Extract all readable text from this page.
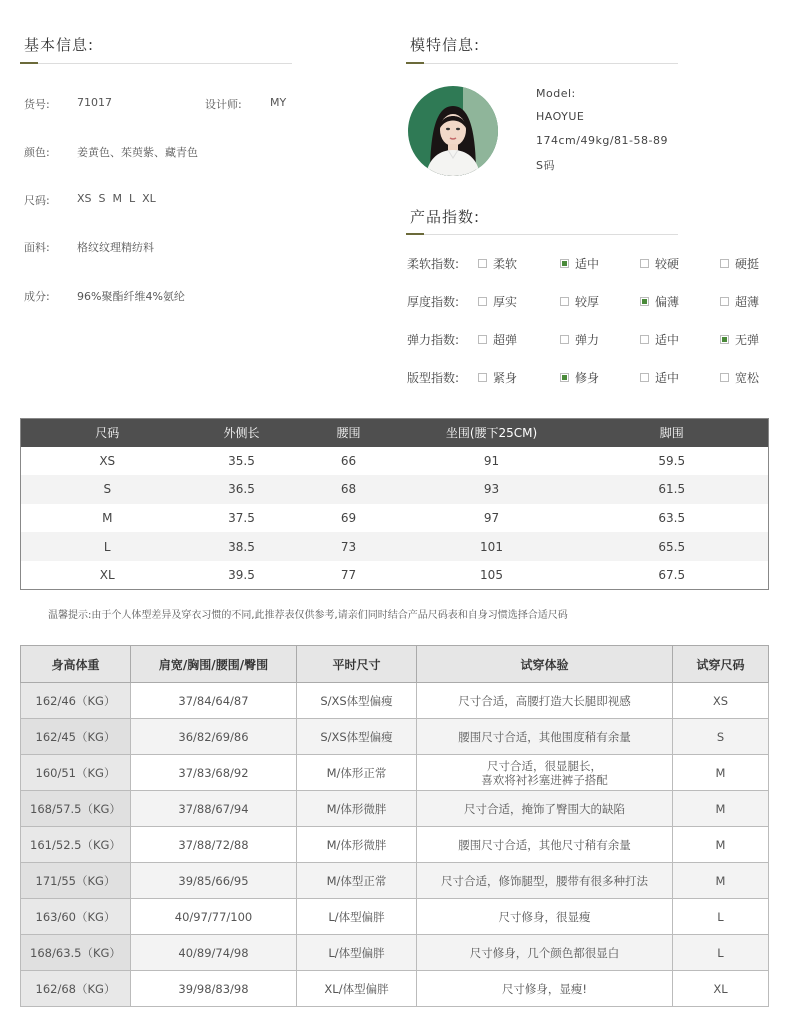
基本信息:
货号: 71017	设计师:	MY
颜色: 姜黄色、茱萸紫、藏青色
尺码: XS  S  M  L  XL
面料: 格纹纹理精纺料
成分: 96%聚酯纤维4%氨纶
模特信息:
Model:
HAOYUE
174cm/49kg/81-58-89
S码
产品指数:
柔软指数:	柔软	适中	较硬	硬挺
厚度指数:	厚实	较厚	偏薄	超薄
弹力指数:	超弹	弹力	适中	无弹
版型指数:	紧身	修身	适中	宽松
尺码	外侧长	腰围	坐围(腰下25CM)	脚围
XS	35.5	66	91	59.5
S	36.5	68	93	61.5
M	37.5	69	97	63.5
L	38.5	73	101	65.5
XL	39.5	77	105	67.5
温馨提示:由于个人体型差异及穿衣习惯的不同,此推荐表仅供参考,请亲们同时结合产品尺码表和自身习惯选择合适尺码
身高体重	肩宽/胸围/腰围/臀围	平时尺寸	试穿体验	试穿尺码
162/46（KG）	37/84/64/87	S/XS体型偏瘦	尺寸合适，高腰打造大长腿即视感	XS
162/45（KG）	36/82/69/86	S/XS体型偏瘦	腰围尺寸合适，其他围度稍有余量	S
160/51（KG）	37/83/68/92	M/体形正常	尺寸合适，很显腿长，
喜欢将衬衫塞进裤子搭配	M
168/57.5（KG）	37/88/67/94	M/体形微胖	尺寸合适，掩饰了臀围大的缺陷	M
161/52.5（KG）	37/88/72/88	M/体形微胖	腰围尺寸合适，其他尺寸稍有余量	M
171/55（KG）	39/85/66/95	M/体型正常	尺寸合适，修饰腿型，腰带有很多种打法	M
163/60（KG）	40/97/77/100	L/体型偏胖	尺寸修身，很显瘦	L
168/63.5（KG）	40/89/74/98	L/体型偏胖	尺寸修身，几个颜色都很显白	L
162/68（KG）	39/98/83/98	XL/体型偏胖	尺寸修身，显瘦!	XL
